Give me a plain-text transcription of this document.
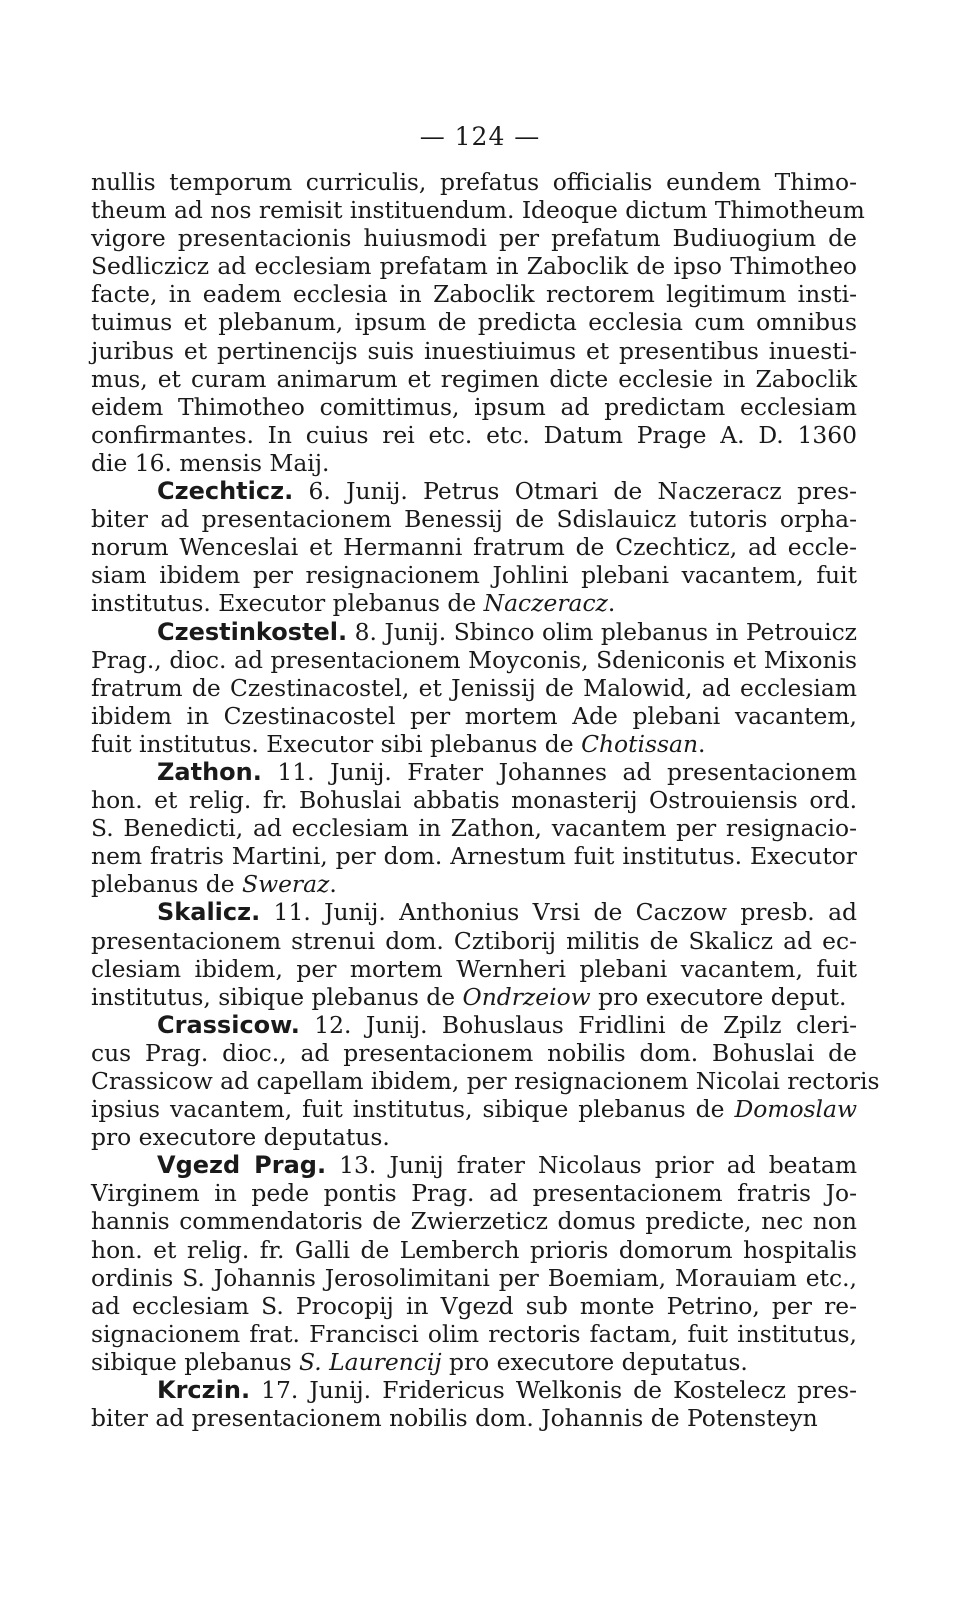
— 124 —
nullis temporum curriculis, prefatus officialis eundem Thimo-
theum ad nos remisit instituendum. Ideoque dictum Thimotheum
vigore presentacionis huiusmodi per prefatum Budiuogium de
Sedliczicz ad ecclesiam prefatam in Zaboclik de ipso Thimotheo
facte, in eadem ecclesia in Zaboclik rectorem legitimum insti-
tuimus et plebanum, ipsum de predicta ecclesia cum omnibus
juribus et pertinencijs suis inuestiuimus et presentibus inuesti-
mus, et curam animarum et regimen dicte ecclesie in Zaboclik
eidem Thimotheo comittimus, ipsum ad predictam ecclesiam
confirmantes. In cuius rei etc. etc. Datum Prage A. D. 1360
die 16. mensis Maij.
Czechticz. 6. Junij. Petrus Otmari de Naczeracz pres-
biter ad presentacionem Benessij de Sdislauicz tutoris orpha-
norum Wenceslai et Hermanni fratrum de Czechticz, ad eccle-
siam ibidem per resignacionem Johlini plebani vacantem, fuit
institutus. Executor plebanus de Naczeracz.
Czestinkostel. 8. Junij. Sbinco olim plebanus in Petrouicz
Prag., dioc. ad presentacionem Moyconis, Sdeniconis et Mixonis
fratrum de Czestinacostel, et Jenissij de Malowid, ad ecclesiam
ibidem in Czestinacostel per mortem Ade plebani vacantem,
fuit institutus. Executor sibi plebanus de Chotissan.
Zathon. 11. Junij. Frater Johannes ad presentacionem
hon. et relig. fr. Bohuslai abbatis monasterij Ostrouiensis ord.
S. Benedicti, ad ecclesiam in Zathon, vacantem per resignacio-
nem fratris Martini, per dom. Arnestum fuit institutus. Executor
plebanus de Sweraz.
Skalicz. 11. Junij. Anthonius Vrsi de Caczow presb. ad
presentacionem strenui dom. Cztiborij militis de Skalicz ad ec-
clesiam ibidem, per mortem Wernheri plebani vacantem, fuit
institutus, sibique plebanus de Ondrzeiow pro executore deput.
Crassicow. 12. Junij. Bohuslaus Fridlini de Zpilz cleri-
cus Prag. dioc., ad presentacionem nobilis dom. Bohuslai de
Crassicow ad capellam ibidem, per resignacionem Nicolai rectoris
ipsius vacantem, fuit institutus, sibique plebanus de Domoslaw
pro executore deputatus.
Vgezd Prag. 13. Junij frater Nicolaus prior ad beatam
Virginem in pede pontis Prag. ad presentacionem fratris Jo-
hannis commendatoris de Zwierzeticz domus predicte, nec non
hon. et relig. fr. Galli de Lemberch prioris domorum hospitalis
ordinis S. Johannis Jerosolimitani per Boemiam, Morauiam etc.,
ad ecclesiam S. Procopij in Vgezd sub monte Petrino, per re-
signacionem frat. Francisci olim rectoris factam, fuit institutus,
sibique plebanus S. Laurencij pro executore deputatus.
Krczin. 17. Junij. Fridericus Welkonis de Kostelecz pres-
biter ad presentacionem nobilis dom. Johannis de Potensteyn
